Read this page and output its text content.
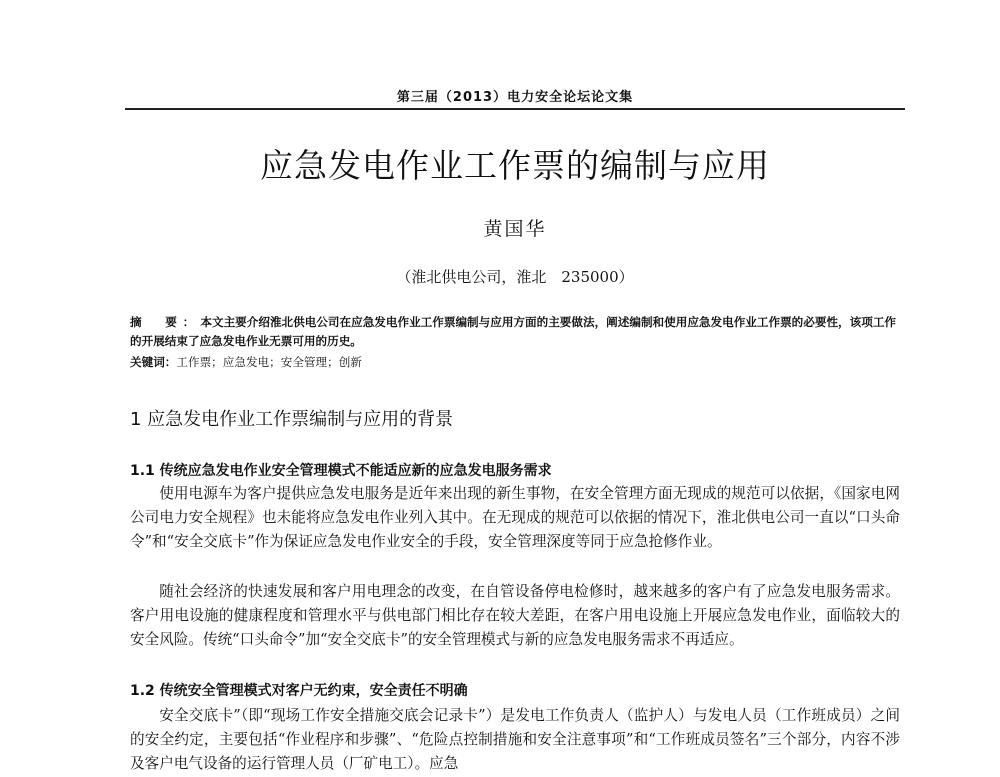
第三届（2013）电力安全论坛论文集
应急发电作业工作票的编制与应用
黄国华
（淮北供电公司，淮北　235000）
摘　要：本文主要介绍淮北供电公司在应急发电作业工作票编制与应用方面的主要做法，阐述编制和使用应急发电作业工作票的必要性，该项工作的开展结束了应急发电作业无票可用的历史。
关键词：工作票；应急发电；安全管理；创新
1 应急发电作业工作票编制与应用的背景
1.1 传统应急发电作业安全管理模式不能适应新的应急发电服务需求

使用电源车为客户提供应急发电服务是近年来出现的新生事物，在安全管理方面无现成的规范可以依据，《国家电网公司电力安全规程》也未能将应急发电作业列入其中。在无现成的规范可以依据的情况下，淮北供电公司一直以“口头命令”和“安全交底卡”作为保证应急发电作业安全的手段，安全管理深度等同于应急抢修作业。

随社会经济的快速发展和客户用电理念的改变，在自管设备停电检修时，越来越多的客户有了应急发电服务需求。客户用电设施的健康程度和管理水平与供电部门相比存在较大差距，在客户用电设施上开展应急发电作业，面临较大的安全风险。传统“口头命令”加“安全交底卡”的安全管理模式与新的应急发电服务需求不再适应。

1.2 传统安全管理模式对客户无约束，安全责任不明确

安全交底卡”（即“现场工作安全措施交底会记录卡”）是发电工作负责人（监护人）与发电人员（工作班成员）之间的安全约定，主要包括“作业程序和步骤”、“危险点控制措施和安全注意事项”和“工作班成员签名”三个部分，内容不涉及客户电气设备的运行管理人员（厂矿电工）。应急
